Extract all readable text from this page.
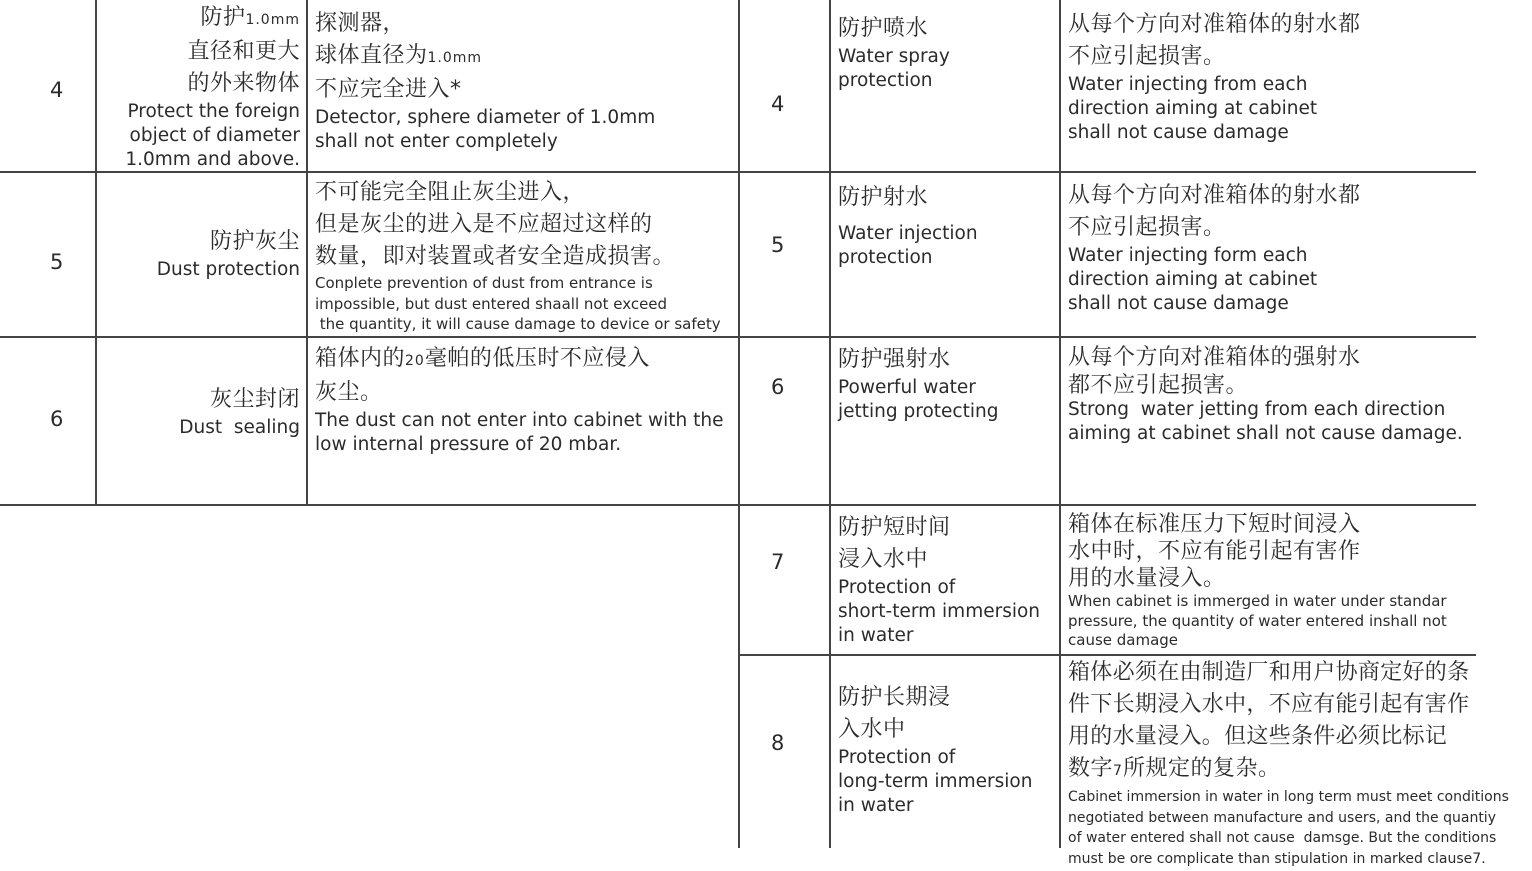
4
防护1.0mm
直径和更大
的外来物体
Protect the foreign
object of diameter
1.0mm and above.
探测器，
球体直径为1.0mm
不应完全进入*
Detector, sphere diameter of 1.0mm
shall not enter completely
5
防护灰尘
Dust protection
不可能完全阻止灰尘进入，
但是灰尘的进入是不应超过这样的
数量，即对装置或者安全造成损害。
Conplete prevention of dust from entrance is
impossible, but dust entered shaall not exceed
the quantity, it will cause damage to device or safety
6
灰尘封闭
Dust  sealing
箱体内的20毫帕的低压时不应侵入
灰尘。
The dust can not enter into cabinet with the
low internal pressure of 20 mbar.
4
防护喷水
Water spray
protection
从每个方向对准箱体的射水都
不应引起损害。
Water injecting from each
direction aiming at cabinet
shall not cause damage
5
防护射水
Water injection
protection
从每个方向对准箱体的射水都
不应引起损害。
Water injecting form each
direction aiming at cabinet
shall not cause damage
6
防护强射水
Powerful water
jetting protecting
从每个方向对准箱体的强射水
都不应引起损害。
Strong  water jetting from each direction
aiming at cabinet shall not cause damage.
7
防护短时间
浸入水中
Protection of
short-term immersion
in water
箱体在标准压力下短时间浸入
水中时，不应有能引起有害作
用的水量浸入。
When cabinet is immerged in water under standar
pressure, the quantity of water entered inshall not
cause damage
8
防护长期浸
入水中
Protection of
long-term immersion
in water
箱体必须在由制造厂和用户协商定好的条
件下长期浸入水中，不应有能引起有害作
用的水量浸入。但这些条件必须比标记
数字7所规定的复杂。
Cabinet immersion in water in long term must meet conditions
negotiated between manufacture and users, and the quantiy
of water entered shall not cause  damsge. But the conditions
must be ore complicate than stipulation in marked clause7.
